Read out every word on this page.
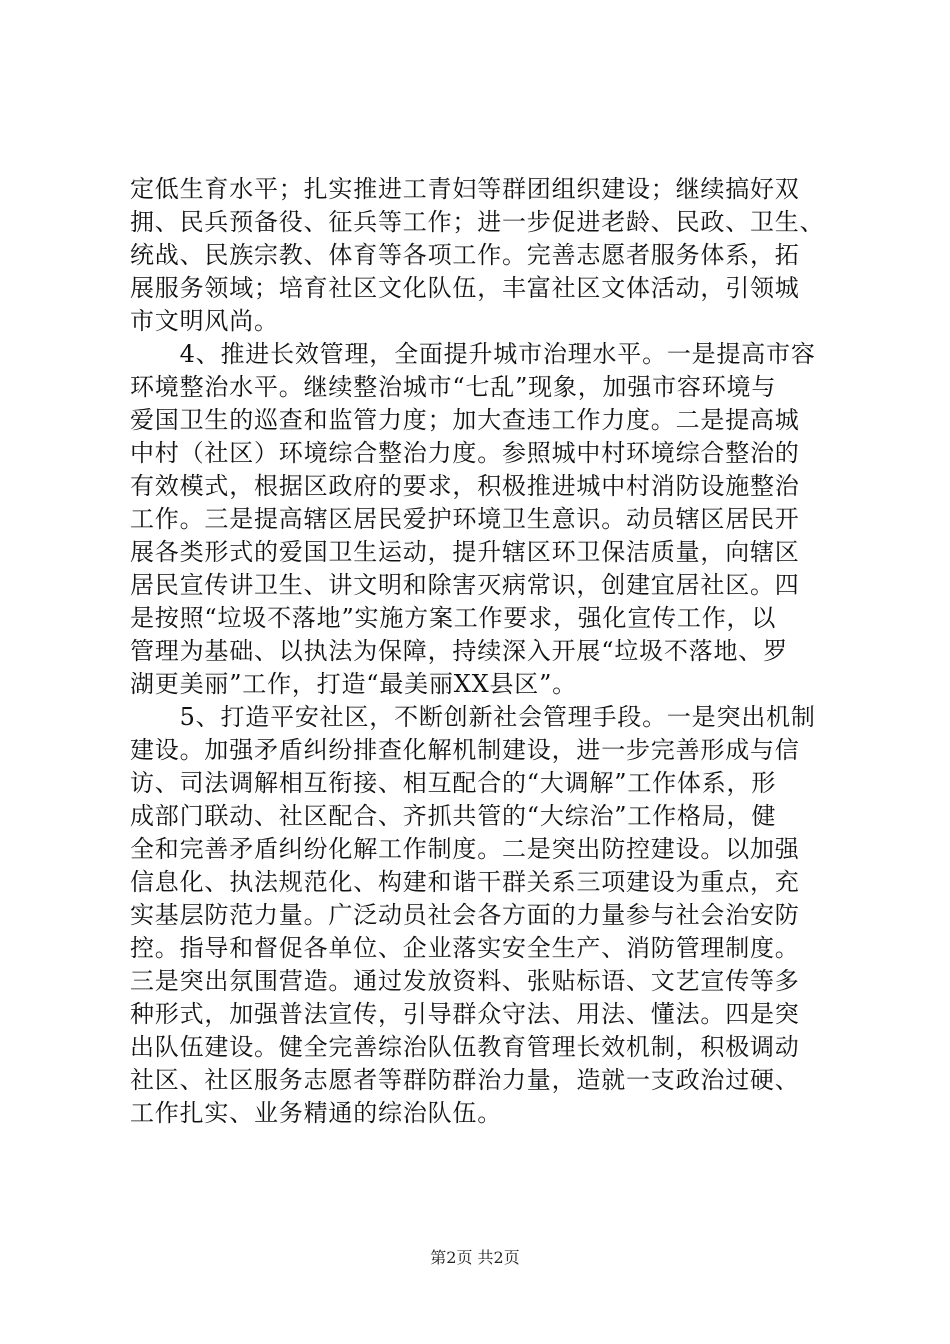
定低生育水平；扎实推进工青妇等群团组织建设；继续搞好双
拥、民兵预备役、征兵等工作；进一步促进老龄、民政、卫生、
统战、民族宗教、体育等各项工作。完善志愿者服务体系，拓
展服务领域；培育社区文化队伍，丰富社区文体活动，引领城
市文明风尚。
　　4、推进长效管理，全面提升城市治理水平。一是提高市容
环境整治水平。继续整治城市“七乱”现象，加强市容环境与
爱国卫生的巡查和监管力度；加大查违工作力度。二是提高城
中村（社区）环境综合整治力度。参照城中村环境综合整治的
有效模式，根据区政府的要求，积极推进城中村消防设施整治
工作。三是提高辖区居民爱护环境卫生意识。动员辖区居民开
展各类形式的爱国卫生运动，提升辖区环卫保洁质量，向辖区
居民宣传讲卫生、讲文明和除害灭病常识，创建宜居社区。四
是按照“垃圾不落地”实施方案工作要求，强化宣传工作，以
管理为基础、以执法为保障，持续深入开展“垃圾不落地、罗
湖更美丽”工作，打造“最美丽XX县区”。
　　5、打造平安社区，不断创新社会管理手段。一是突出机制
建设。加强矛盾纠纷排查化解机制建设，进一步完善形成与信
访、司法调解相互衔接、相互配合的“大调解”工作体系，形
成部门联动、社区配合、齐抓共管的“大综治”工作格局，健
全和完善矛盾纠纷化解工作制度。二是突出防控建设。以加强
信息化、执法规范化、构建和谐干群关系三项建设为重点，充
实基层防范力量。广泛动员社会各方面的力量参与社会治安防
控。指导和督促各单位、企业落实安全生产、消防管理制度。
三是突出氛围营造。通过发放资料、张贴标语、文艺宣传等多
种形式，加强普法宣传，引导群众守法、用法、懂法。四是突
出队伍建设。健全完善综治队伍教育管理长效机制，积极调动
社区、社区服务志愿者等群防群治力量，造就一支政治过硬、
工作扎实、业务精通的综治队伍。
第2页 共2页
